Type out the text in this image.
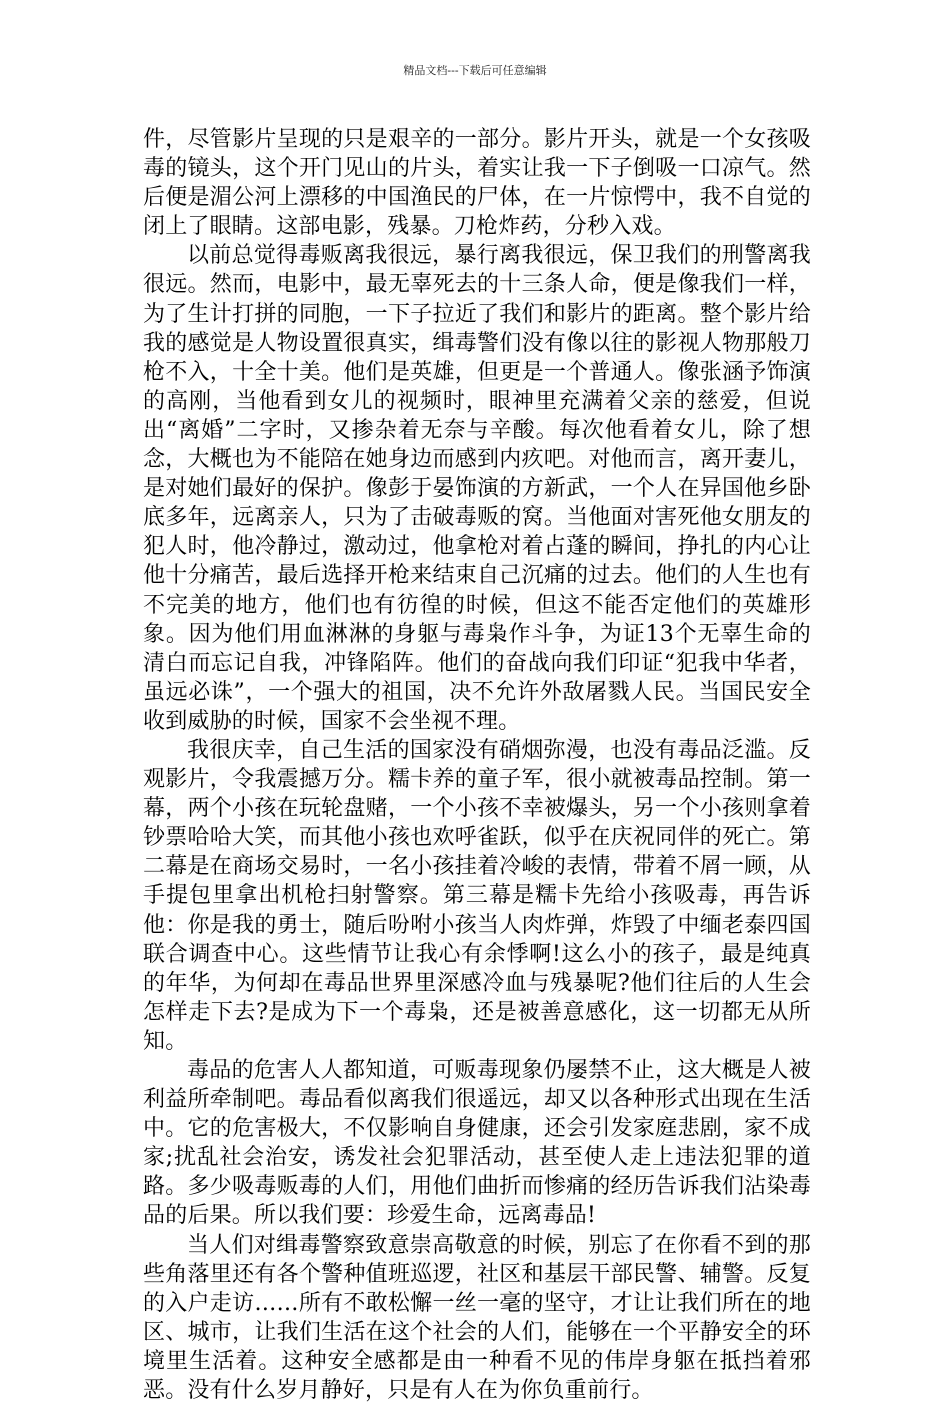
精品文档---下载后可任意编辑

件，尽管影片呈现的只是艰辛的一部分。影片开头，就是一个女孩吸毒的镜头，这个开门见山的片头，着实让我一下子倒吸一口凉气。然后便是湄公河上漂移的中国渔民的尸体，在一片惊愕中，我不自觉的闭上了眼睛。这部电影，残暴。刀枪炸药，分秒入戏。

以前总觉得毒贩离我很远，暴行离我很远，保卫我们的刑警离我很远。然而，电影中，最无辜死去的十三条人命，便是像我们一样，为了生计打拼的同胞，一下子拉近了我们和影片的距离。整个影片给我的感觉是人物设置很真实，缉毒警们没有像以往的影视人物那般刀枪不入，十全十美。他们是英雄，但更是一个普通人。像张涵予饰演的高刚，当他看到女儿的视频时，眼神里充满着父亲的慈爱，但说出“离婚”二字时，又掺杂着无奈与辛酸。每次他看着女儿，除了想念，大概也为不能陪在她身边而感到内疚吧。对他而言，离开妻儿，是对她们最好的保护。像彭于晏饰演的方新武，一个人在异国他乡卧底多年，远离亲人，只为了击破毒贩的窝。当他面对害死他女朋友的犯人时，他冷静过，激动过，他拿枪对着占蓬的瞬间，挣扎的内心让他十分痛苦，最后选择开枪来结束自己沉痛的过去。他们的人生也有不完美的地方，他们也有彷徨的时候，但这不能否定他们的英雄形象。因为他们用血淋淋的身躯与毒枭作斗争，为证13个无辜生命的清白而忘记自我，冲锋陷阵。他们的奋战向我们印证“犯我中华者，虽远必诛”，一个强大的祖国，决不允许外敌屠戮人民。当国民安全收到威胁的时候，国家不会坐视不理。

我很庆幸，自己生活的国家没有硝烟弥漫，也没有毒品泛滥。反观影片，令我震撼万分。糯卡养的童子军，很小就被毒品控制。第一幕，两个小孩在玩轮盘赌，一个小孩不幸被爆头，另一个小孩则拿着钞票哈哈大笑，而其他小孩也欢呼雀跃，似乎在庆祝同伴的死亡。第二幕是在商场交易时，一名小孩挂着冷峻的表情，带着不屑一顾，从手提包里拿出机枪扫射警察。第三幕是糯卡先给小孩吸毒，再告诉他：你是我的勇士，随后吩咐小孩当人肉炸弹，炸毁了中缅老泰四国联合调查中心。这些情节让我心有余悸啊!这么小的孩子，最是纯真的年华，为何却在毒品世界里深感冷血与残暴呢?他们往后的人生会怎样走下去?是成为下一个毒枭，还是被善意感化，这一切都无从所知。

毒品的危害人人都知道，可贩毒现象仍屡禁不止，这大概是人被利益所牵制吧。毒品看似离我们很遥远，却又以各种形式出现在生活中。它的危害极大，不仅影响自身健康，还会引发家庭悲剧，家不成家;扰乱社会治安，诱发社会犯罪活动，甚至使人走上违法犯罪的道路。多少吸毒贩毒的人们，用他们曲折而惨痛的经历告诉我们沾染毒品的后果。所以我们要：珍爱生命，远离毒品!

当人们对缉毒警察致意崇高敬意的时候，别忘了在你看不到的那些角落里还有各个警种值班巡逻，社区和基层干部民警、辅警。反复的入户走访……所有不敢松懈一丝一毫的坚守，才让让我们所在的地区、城市，让我们生活在这个社会的人们，能够在一个平静安全的环境里生活着。这种安全感都是由一种看不见的伟岸身躯在抵挡着邪恶。没有什么岁月静好，只是有人在为你负重前行。
